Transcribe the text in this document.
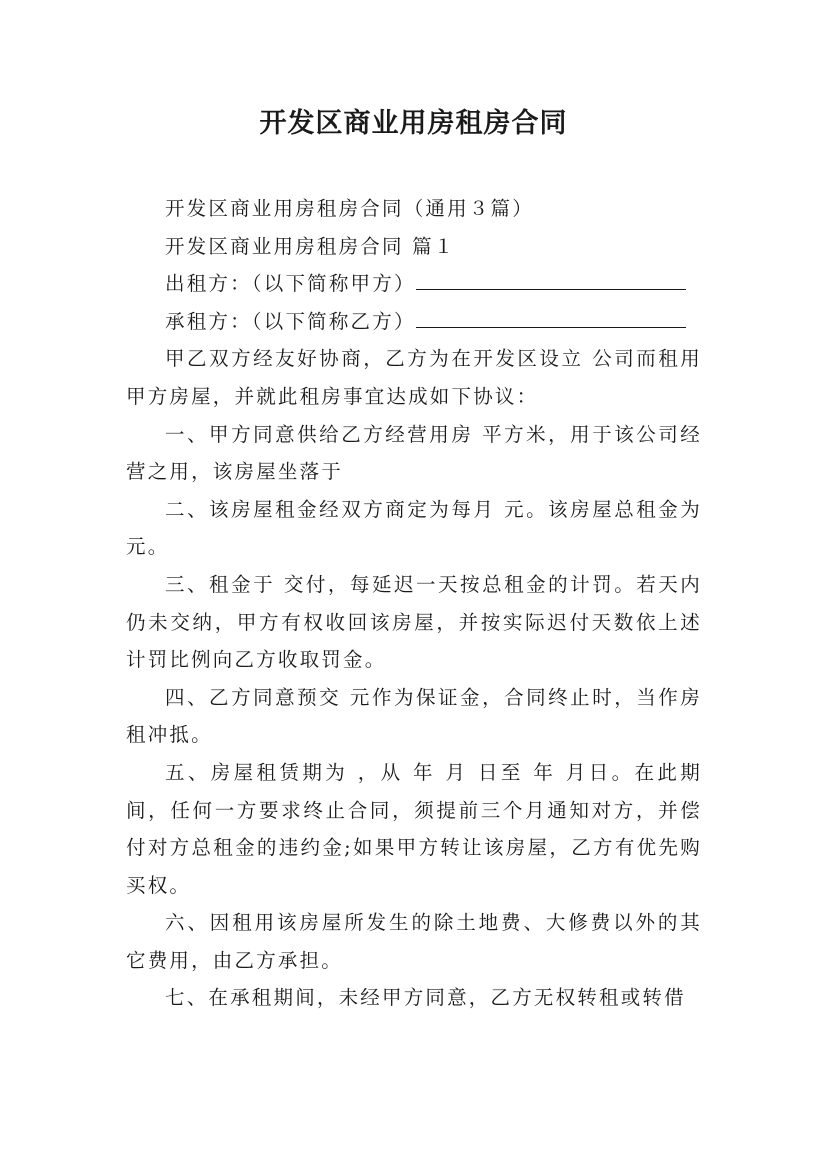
开发区商业用房租房合同

开发区商业用房租房合同（通用３篇）

开发区商业用房租房合同 篇１

出租方：（以下简称甲方）

承租方：（以下简称乙方）

甲乙双方经友好协商，乙方为在开发区设立 公司而租用甲方房屋，并就此租房事宜达成如下协议：

一、甲方同意供给乙方经营用房 平方米，用于该公司经营之用，该房屋坐落于

二、该房屋租金经双方商定为每月 元。该房屋总租金为 元。

三、租金于 交付，每延迟一天按总租金的计罚。若天内仍未交纳，甲方有权收回该房屋，并按实际迟付天数依上述计罚比例向乙方收取罚金。

四、乙方同意预交 元作为保证金，合同终止时，当作房租冲抵。

五、房屋租赁期为 ，从 年 月 日至 年 月日。在此期间，任何一方要求终止合同，须提前三个月通知对方，并偿付对方总租金的违约金;如果甲方转让该房屋，乙方有优先购买权。

六、因租用该房屋所发生的除土地费、大修费以外的其它费用，由乙方承担。

七、在承租期间，未经甲方同意，乙方无权转租或转借
